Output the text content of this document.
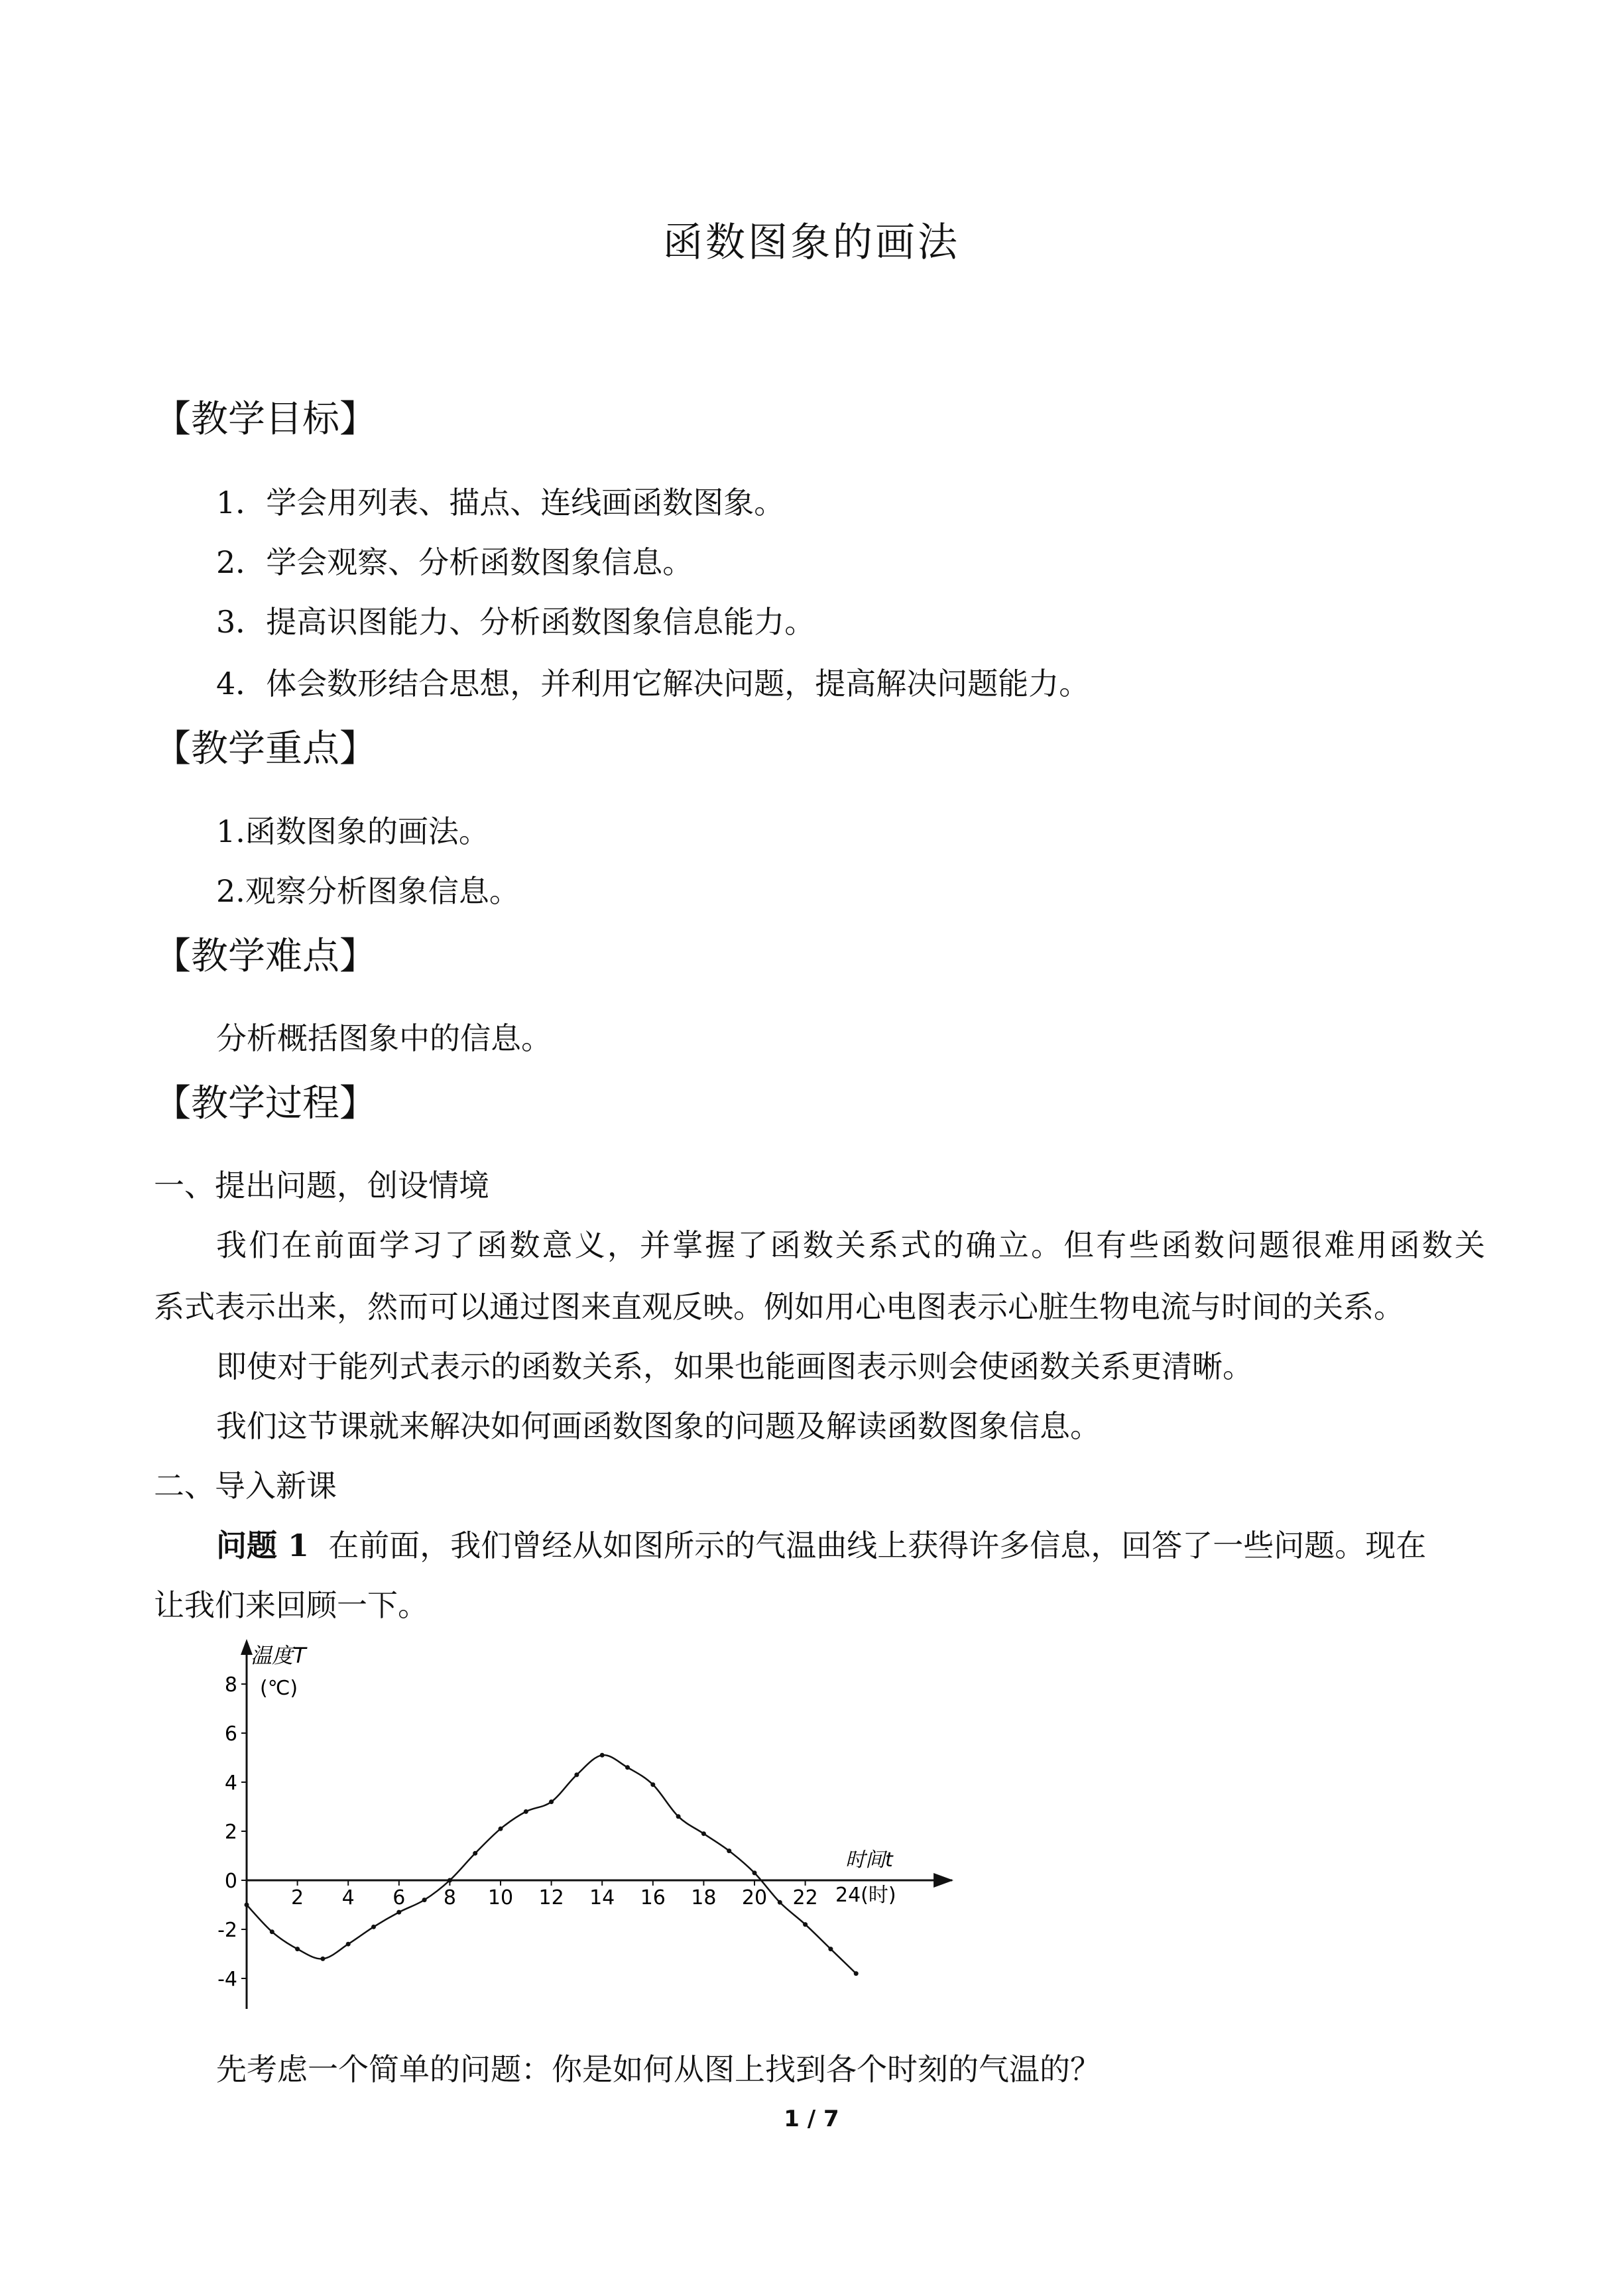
函数图象的画法
【教学目标】
1．学会用列表、描点、连线画函数图象。
2．学会观察、分析函数图象信息。
3．提高识图能力、分析函数图象信息能力。
4．体会数形结合思想，并利用它解决问题，提高解决问题能力。
【教学重点】
1.函数图象的画法。
2.观察分析图象信息。
【教学难点】
分析概括图象中的信息。
【教学过程】
一、提出问题，创设情境
我们在前面学习了函数意义，并掌握了函数关系式的确立。但有些函数问题很难用函数关
系式表示出来，然而可以通过图来直观反映。例如用心电图表示心脏生物电流与时间的关系。
即使对于能列式表示的函数关系，如果也能画图表示则会使函数关系更清晰。
我们这节课就来解决如何画函数图象的问题及解读函数图象信息。
二、导入新课
问题 1 在前面，我们曾经从如图所示的气温曲线上获得许多信息，回答了一些问题。现在
让我们来回顾一下。
8
6
4
2
0
-2
-4
2 4 6 8 10 12 14 16 18 20 22
温度T
(℃)
时间t
24(时)
先考虑一个简单的问题：你是如何从图上找到各个时刻的气温的？
1 / 7
